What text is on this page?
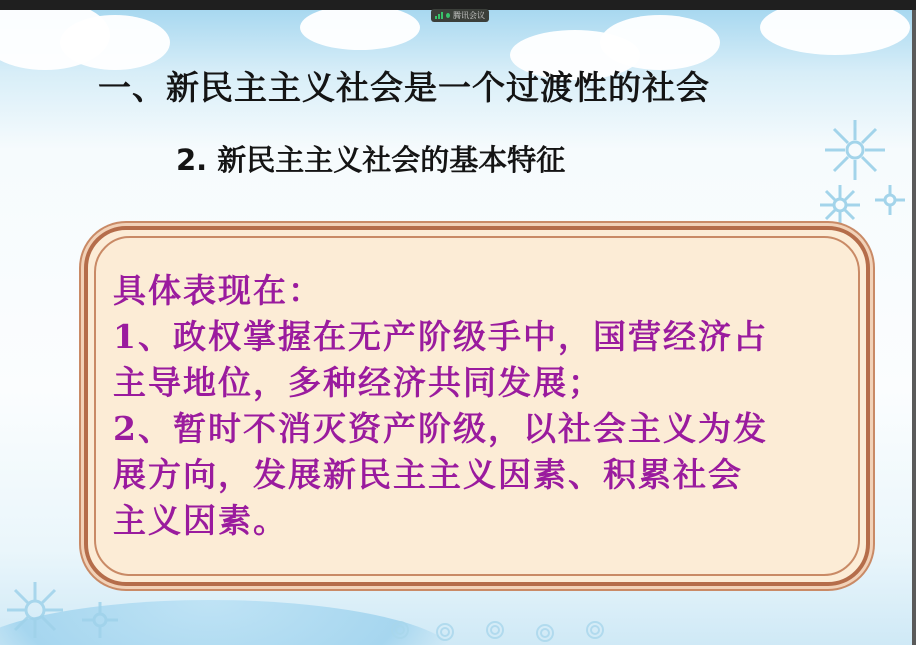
腾讯会议
一、新民主主义社会是一个过渡性的社会
2. 新民主主义社会的基本特征
具体表现在：
1、政权掌握在无产阶级手中，国营经济占
主导地位，多种经济共同发展；
2、暂时不消灭资产阶级，以社会主义为发
展方向，发展新民主主义因素、积累社会
主义因素。
